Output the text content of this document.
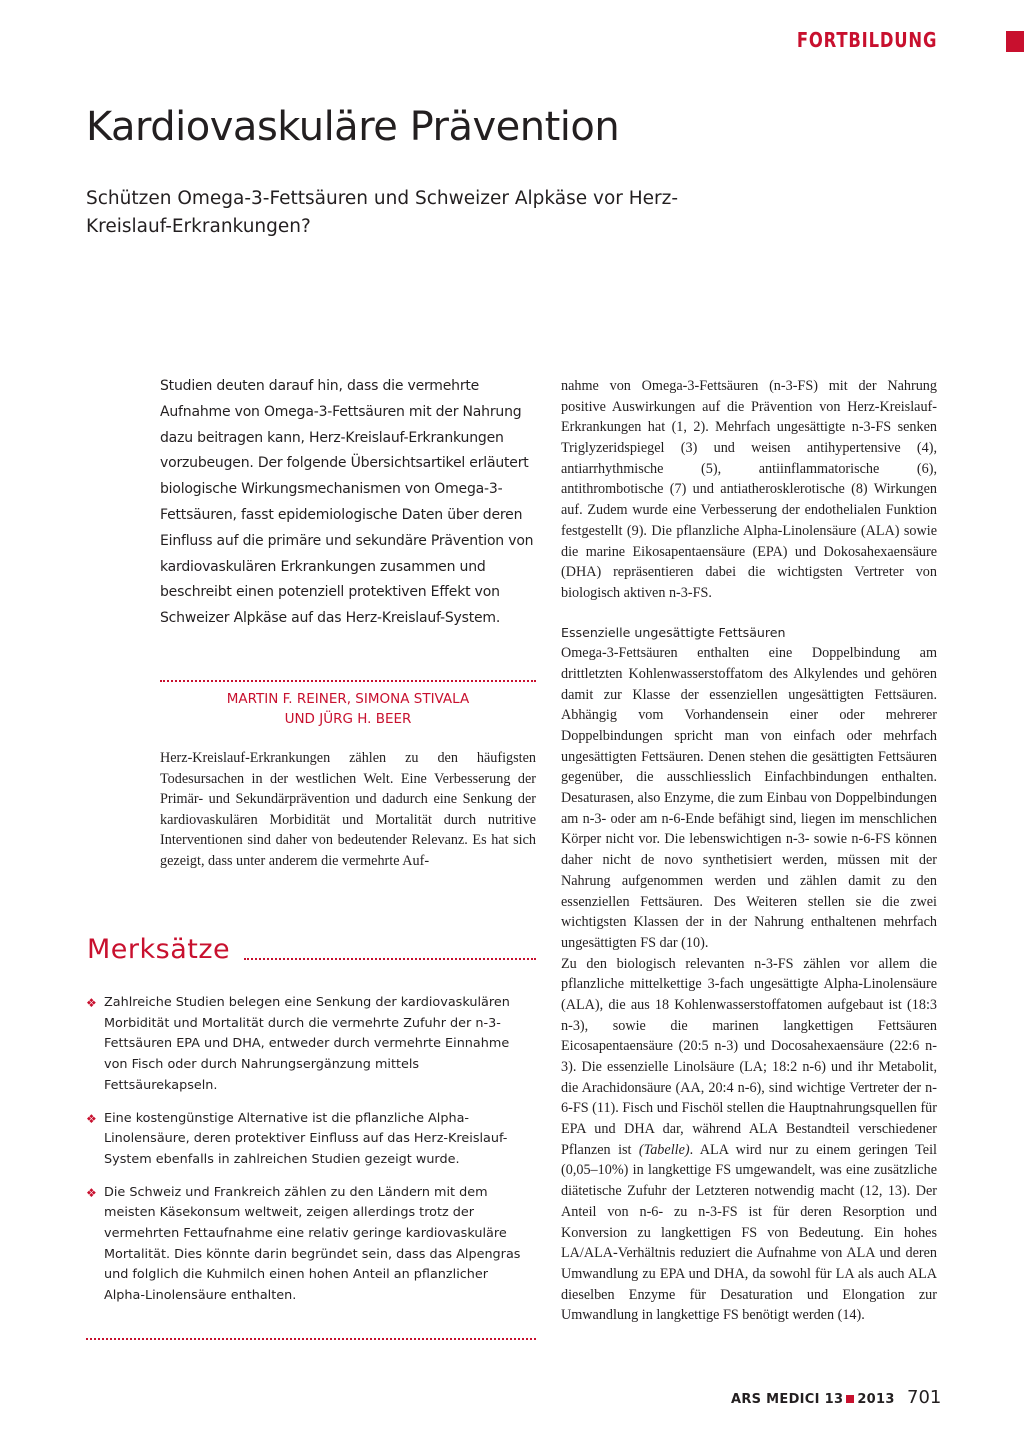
FORTBILDUNG
Kardiovaskuläre Prävention
Schützen Omega-3-Fettsäuren und Schweizer Alpkäse vor Herz-Kreislauf-Erkrankungen?
Studien deuten darauf hin, dass die vermehrte Aufnahme von Omega-3-Fettsäuren mit der Nahrung dazu beitragen kann, Herz-Kreislauf-Erkrankungen vorzubeugen. Der folgende Übersichtsartikel erläutert biologische Wirkungsmechanismen von Omega-3-Fettsäuren, fasst epidemiologische Daten über deren Einfluss auf die primäre und sekundäre Prävention von kardiovaskulären Erkrankungen zusammen und beschreibt einen potenziell protektiven Effekt von Schweizer Alpkäse auf das Herz-Kreislauf-System.
MARTIN F. REINER, SIMONA STIVALA
UND JÜRG H. BEER
Herz-Kreislauf-Erkrankungen zählen zu den häufigsten Todesursachen in der westlichen Welt. Eine Verbesserung der Primär- und Sekundärprävention und dadurch eine Senkung der kardiovaskulären Morbidität und Mortalität durch nutritive Interventionen sind daher von bedeutender Relevanz. Es hat sich gezeigt, dass unter anderem die vermehrte Auf-
Merksätze
❖ Zahlreiche Studien belegen eine Senkung der kardiovaskulären Morbidität und Mortalität durch die vermehrte Zufuhr der n-3-Fettsäuren EPA und DHA, entweder durch vermehrte Einnahme von Fisch oder durch Nahrungsergänzung mittels Fettsäurekapseln.
❖ Eine kostengünstige Alternative ist die pflanzliche Alpha-Linolensäure, deren protektiver Einfluss auf das Herz-Kreislauf-System ebenfalls in zahlreichen Studien gezeigt wurde.
❖ Die Schweiz und Frankreich zählen zu den Ländern mit dem meisten Käsekonsum weltweit, zeigen allerdings trotz der vermehrten Fettaufnahme eine relativ geringe kardiovaskuläre Mortalität. Dies könnte darin begründet sein, dass das Alpengras und folglich die Kuhmilch einen hohen Anteil an pflanzlicher Alpha-Linolensäure enthalten.

nahme von Omega-3-Fettsäuren (n-3-FS) mit der Nahrung positive Auswirkungen auf die Prävention von Herz-Kreislauf-Erkrankungen hat (1, 2). Mehrfach ungesättigte n-3-FS senken Triglyzeridspiegel (3) und weisen antihypertensive (4), antiarrhythmische (5), antiinflammatorische (6), antithrombotische (7) und antiatherosklerotische (8) Wirkungen auf. Zudem wurde eine Verbesserung der endothelialen Funktion festgestellt (9). Die pflanzliche Alpha-Linolensäure (ALA) sowie die marine Eikosapentaensäure (EPA) und Dokosahexaensäure (DHA) repräsentieren dabei die wichtigsten Vertreter von biologisch aktiven n-3-FS.

Essenzielle ungesättigte Fettsäuren

Omega-3-Fettsäuren enthalten eine Doppelbindung am drittletzten Kohlenwasserstoffatom des Alkylendes und gehören damit zur Klasse der essenziellen ungesättigten Fettsäuren. Abhängig vom Vorhandensein einer oder mehrerer Doppelbindungen spricht man von einfach oder mehrfach ungesättigten Fettsäuren. Denen stehen die gesättigten Fettsäuren gegenüber, die ausschliesslich Einfachbindungen enthalten. Desaturasen, also Enzyme, die zum Einbau von Doppelbindungen am n-3- oder am n-6-Ende befähigt sind, liegen im menschlichen Körper nicht vor. Die lebenswichtigen n-3- sowie n-6-FS können daher nicht de novo synthetisiert werden, müssen mit der Nahrung aufgenommen werden und zählen damit zu den essenziellen Fettsäuren. Des Weiteren stellen sie die zwei wichtigsten Klassen der in der Nahrung enthaltenen mehrfach ungesättigten FS dar (10).

Zu den biologisch relevanten n-3-FS zählen vor allem die pflanzliche mittelkettige 3-fach ungesättigte Alpha-Linolensäure (ALA), die aus 18 Kohlenwasserstoffatomen aufgebaut ist (18:3 n-3), sowie die marinen langkettigen Fettsäuren Eicosapentaensäure (20:5 n-3) und Docosahexaensäure (22:6 n-3). Die essenzielle Linolsäure (LA; 18:2 n-6) und ihr Metabolit, die Arachidonsäure (AA, 20:4 n-6), sind wichtige Vertreter der n-6-FS (11). Fisch und Fischöl stellen die Hauptnahrungsquellen für EPA und DHA dar, während ALA Bestandteil verschiedener Pflanzen ist (Tabelle). ALA wird nur zu einem geringen Teil (0,05–10%) in langkettige FS umgewandelt, was eine zusätzliche diätetische Zufuhr der Letzteren notwendig macht (12, 13). Der Anteil von n-6- zu n-3-FS ist für deren Resorption und Konversion zu langkettigen FS von Bedeutung. Ein hohes LA/ALA-Verhältnis reduziert die Aufnahme von ALA und deren Umwandlung zu EPA und DHA, da sowohl für LA als auch ALA dieselben Enzyme für Desaturation und Elongation zur Umwandlung in langkettige FS benötigt werden (14).

ARS MEDICI 13 2013 701
